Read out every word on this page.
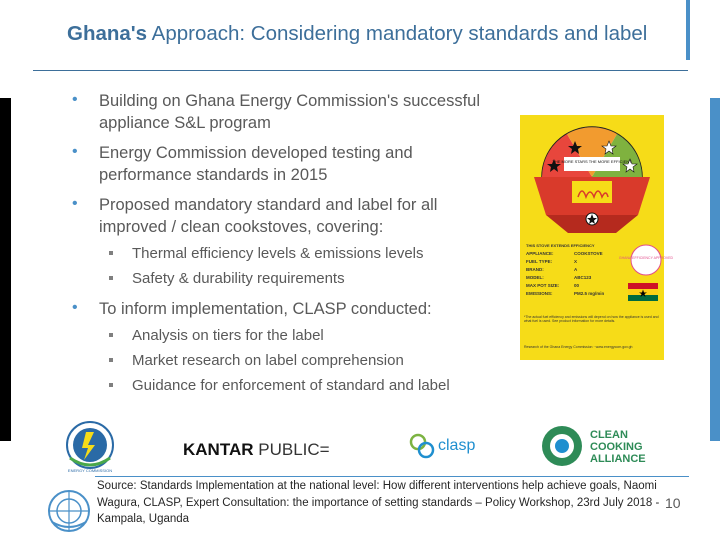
Ghana's Approach: Considering mandatory standards and label
• Building on Ghana Energy Commission's successful appliance S&L program
• Energy Commission developed testing and performance standards in 2015
• Proposed mandatory standard and label for all improved / clean cookstoves, covering:
Thermal efficiency levels & emissions levels
Safety & durability requirements
• To inform implementation, CLASP conducted:
Analysis on tiers for the label
Market research on label comprehension
Guidance for enforcement of standard and label
THE MORE STARS THE MORE EFFICIENT
THIS STOVE EXTENDS EFFICIENCY
APPLIANCE:	COOKSTOVE
FUEL TYPE:	X
BRAND:	A
MODEL:	ABC123
MAX POT SIZE:	00
EMISSIONS:	PM2.5 mg/min
GHANA EFFICIENCY APPROVED
*The actual fuel efficiency and emissions will depend on how the appliance is used and what fuel is used. See product information for more details.
Research of the Ghana Energy Commission · www.energycom.gov.gh
ENERGY COMMISSION
KANTAR PUBLIC=	clasp
CLEAN
COOKING
ALLIANCE
Source: Standards Implementation at the national level: How different interventions help achieve goals, Naomi Wagura, CLASP, Expert Consultation: the importance of setting standards – Policy Workshop, 23rd July 2018 - Kampala, Uganda
10
